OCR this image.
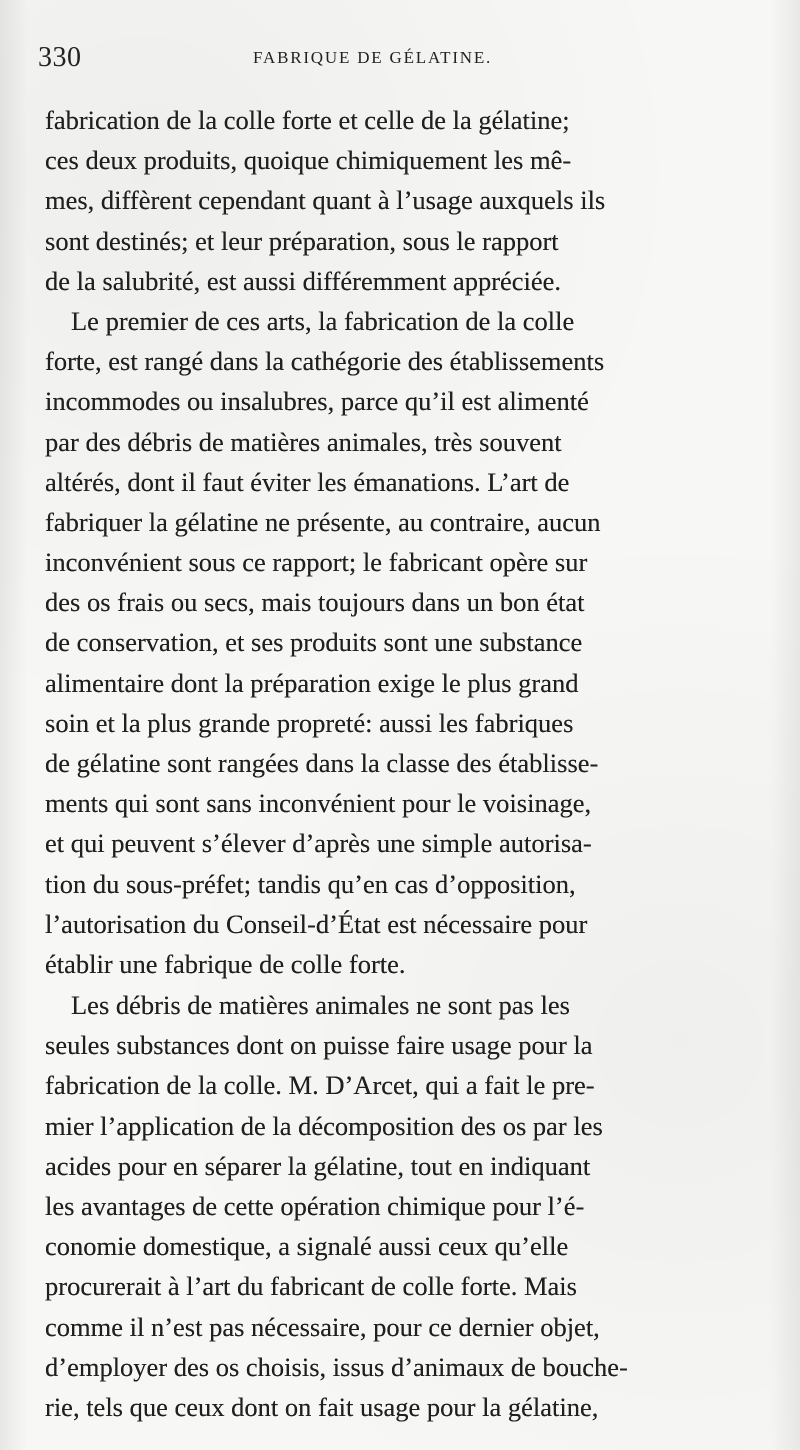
330	FABRIQUE DE GÉLATINE.
fabrication de la colle forte et celle de la gélatine;
ces deux produits, quoique chimiquement les mê-
mes, diffèrent cependant quant à l’usage auxquels ils
sont destinés; et leur préparation, sous le rapport
de la salubrité, est aussi différemment appréciée.
Le premier de ces arts, la fabrication de la colle
forte, est rangé dans la cathégorie des établissements
incommodes ou insalubres, parce qu’il est alimenté
par des débris de matières animales, très souvent
altérés, dont il faut éviter les émanations. L’art de
fabriquer la gélatine ne présente, au contraire, aucun
inconvénient sous ce rapport; le fabricant opère sur
des os frais ou secs, mais toujours dans un bon état
de conservation, et ses produits sont une substance
alimentaire dont la préparation exige le plus grand
soin et la plus grande propreté: aussi les fabriques
de gélatine sont rangées dans la classe des établisse-
ments qui sont sans inconvénient pour le voisinage,
et qui peuvent s’élever d’après une simple autorisa-
tion du sous-préfet; tandis qu’en cas d’opposition,
l’autorisation du Conseil-d’État est nécessaire pour
établir une fabrique de colle forte.
Les débris de matières animales ne sont pas les
seules substances dont on puisse faire usage pour la
fabrication de la colle. M. D’Arcet, qui a fait le pre-
mier l’application de la décomposition des os par les
acides pour en séparer la gélatine, tout en indiquant
les avantages de cette opération chimique pour l’é-
conomie domestique, a signalé aussi ceux qu’elle
procurerait à l’art du fabricant de colle forte. Mais
comme il n’est pas nécessaire, pour ce dernier objet,
d’employer des os choisis, issus d’animaux de bouche-
rie, tels que ceux dont on fait usage pour la gélatine,
